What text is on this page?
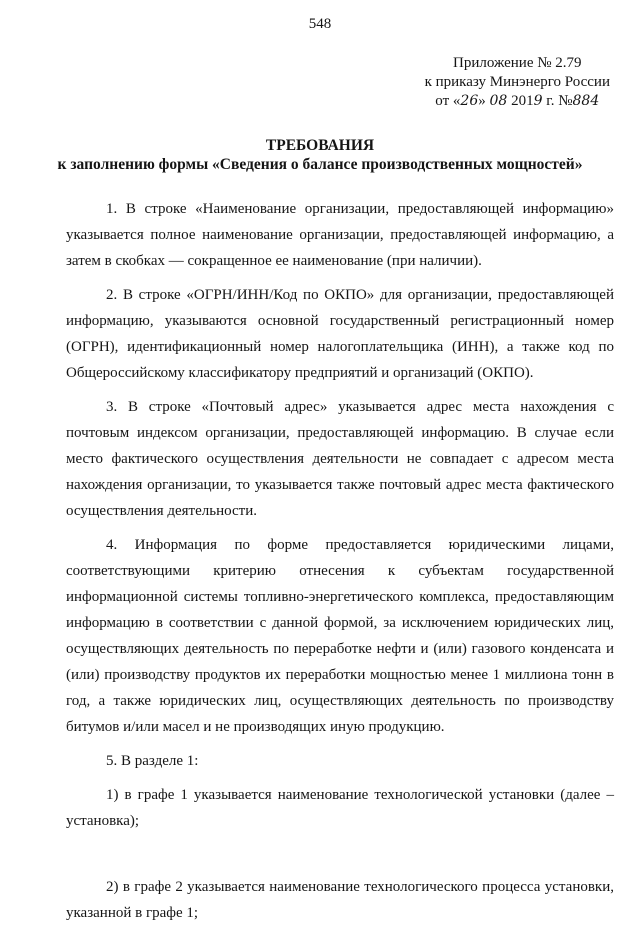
548
Приложение № 2.79
к приказу Минэнерго России
от «26» 08 2019 г. №884
ТРЕБОВАНИЯ
к заполнению формы «Сведения о балансе производственных мощностей»

1. В строке «Наименование организации, предоставляющей информацию» указывается полное наименование организации, предоставляющей информацию, а затем в скобках — сокращенное ее наименование (при наличии).

2. В строке «ОГРН/ИНН/Код по ОКПО» для организации, предоставляющей информацию, указываются основной государственный регистрационный номер (ОГРН), идентификационный номер налогоплательщика (ИНН), а также код по Общероссийскому классификатору предприятий и организаций (ОКПО).

3. В строке «Почтовый адрес» указывается адрес места нахождения с почтовым индексом организации, предоставляющей информацию. В случае если место фактического осуществления деятельности не совпадает с адресом места нахождения организации, то указывается также почтовый адрес места фактического осуществления деятельности.

4. Информация по форме предоставляется юридическими лицами, соответствующими критерию отнесения к субъектам государственной информационной системы топливно-энергетического комплекса, предоставляющим информацию в соответствии с данной формой, за исключением юридических лиц, осуществляющих деятельность по переработке нефти и (или) газового конденсата и (или) производству продуктов их переработки мощностью менее 1 миллиона тонн в год, а также юридических лиц, осуществляющих деятельность по производству битумов и/или масел и не производящих иную продукцию.

5. В разделе 1:

1) в графе 1 указывается наименование технологической установки (далее – установка);

2) в графе 2 указывается наименование технологического процесса установки, указанной в графе 1;
